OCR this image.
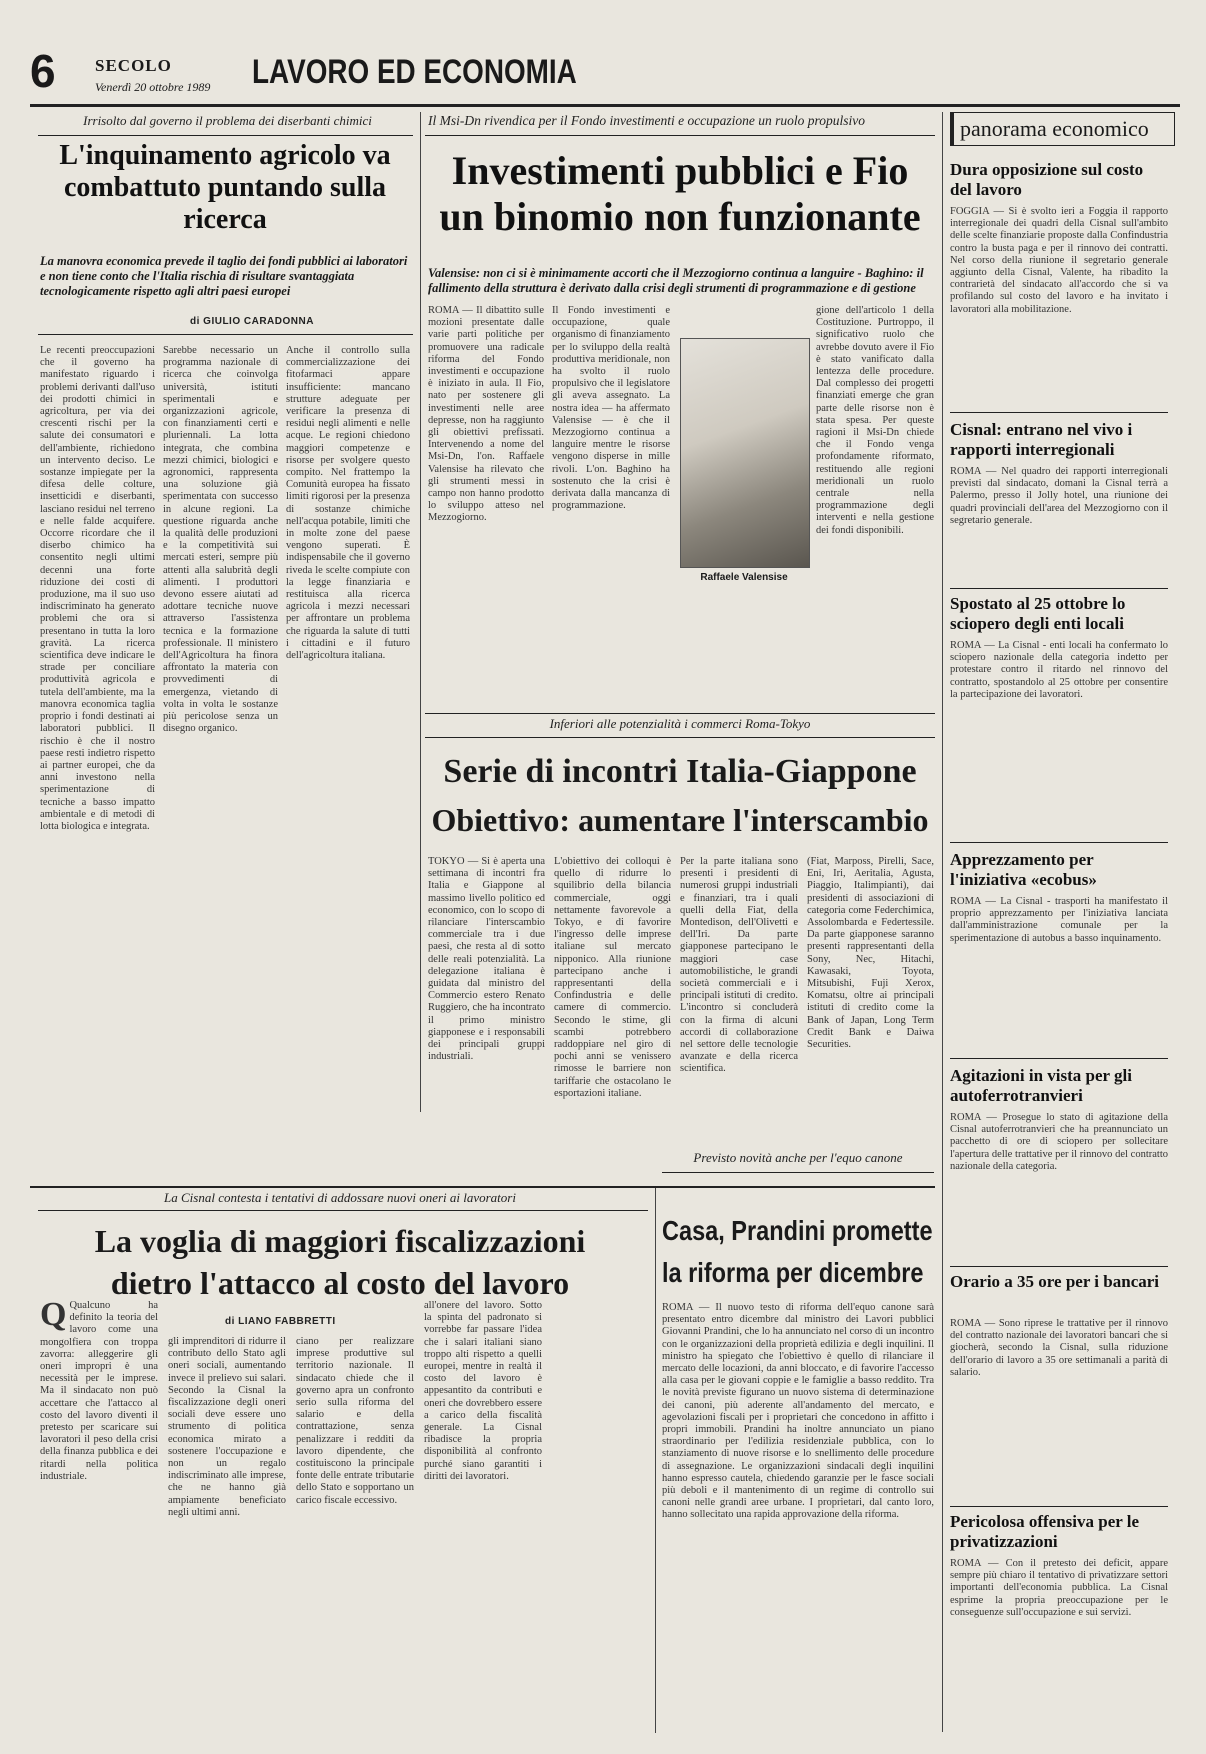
6 SECOLO
Venerdì 20 ottobre 1989 LAVORO ED ECONOMIA
Irrisolto dal governo il problema dei diserbanti chimici
L'inquinamento agricolo va combattuto puntando sulla ricerca
La manovra economica prevede il taglio dei fondi pubblici ai laboratori e non tiene conto che l'Italia rischia di risultare svantaggiata tecnologicamente rispetto agli altri paesi europei
di GIULIO CARADONNA
Le recenti preoccupazioni che il governo ha manifestato riguardo i problemi derivanti dall'uso dei prodotti chimici in agricoltura, per via dei crescenti rischi per la salute dei consumatori e dell'ambiente, richiedono un intervento deciso. Le sostanze impiegate per la difesa delle colture, insetticidi e diserbanti, lasciano residui nel terreno e nelle falde acquifere. Occorre ricordare che il diserbo chimico ha consentito negli ultimi decenni una forte riduzione dei costi di produzione, ma il suo uso indiscriminato ha generato problemi che ora si presentano in tutta la loro gravità. La ricerca scientifica deve indicare le strade per conciliare produttività agricola e tutela dell'ambiente, ma la manovra economica taglia proprio i fondi destinati ai laboratori pubblici. Il rischio è che il nostro paese resti indietro rispetto ai partner europei, che da anni investono nella sperimentazione di tecniche a basso impatto ambientale e di metodi di lotta biologica e integrata.
Sarebbe necessario un programma nazionale di ricerca che coinvolga università, istituti sperimentali e organizzazioni agricole, con finanziamenti certi e pluriennali. La lotta integrata, che combina mezzi chimici, biologici e agronomici, rappresenta una soluzione già sperimentata con successo in alcune regioni. La questione riguarda anche la qualità delle produzioni e la competitività sui mercati esteri, sempre più attenti alla salubrità degli alimenti. I produttori devono essere aiutati ad adottare tecniche nuove attraverso l'assistenza tecnica e la formazione professionale. Il ministero dell'Agricoltura ha finora affrontato la materia con provvedimenti di emergenza, vietando di volta in volta le sostanze più pericolose senza un disegno organico.
Anche il controllo sulla commercializzazione dei fitofarmaci appare insufficiente: mancano strutture adeguate per verificare la presenza di residui negli alimenti e nelle acque. Le regioni chiedono maggiori competenze e risorse per svolgere questo compito. Nel frattempo la Comunità europea ha fissato limiti rigorosi per la presenza di sostanze chimiche nell'acqua potabile, limiti che in molte zone del paese vengono superati. È indispensabile che il governo riveda le scelte compiute con la legge finanziaria e restituisca alla ricerca agricola i mezzi necessari per affrontare un problema che riguarda la salute di tutti i cittadini e il futuro dell'agricoltura italiana.
Il Msi-Dn rivendica per il Fondo investimenti e occupazione un ruolo propulsivo
Investimenti pubblici e Fio un binomio non funzionante
Valensise: non ci si è minimamente accorti che il Mezzogiorno continua a languire - Baghino: il fallimento della struttura è derivato dalla crisi degli strumenti di programmazione e di gestione
ROMA — Il dibattito sulle mozioni presentate dalle varie parti politiche per promuovere una radicale riforma del Fondo investimenti e occupazione è iniziato in aula. Il Fio, nato per sostenere gli investimenti nelle aree depresse, non ha raggiunto gli obiettivi prefissati. Intervenendo a nome del Msi-Dn, l'on. Raffaele Valensise ha rilevato che gli strumenti messi in campo non hanno prodotto lo sviluppo atteso nel Mezzogiorno.
Il Fondo investimenti e occupazione, quale organismo di finanziamento per lo sviluppo della realtà produttiva meridionale, non ha svolto il ruolo propulsivo che il legislatore gli aveva assegnato. La nostra idea — ha affermato Valensise — è che il Mezzogiorno continua a languire mentre le risorse vengono disperse in mille rivoli. L'on. Baghino ha sostenuto che la crisi è derivata dalla mancanza di programmazione.
Raffaele Valensise
gione dell'articolo 1 della Costituzione. Purtroppo, il significativo ruolo che avrebbe dovuto avere il Fio è stato vanificato dalla lentezza delle procedure. Dal complesso dei progetti finanziati emerge che gran parte delle risorse non è stata spesa. Per queste ragioni il Msi-Dn chiede che il Fondo venga profondamente riformato, restituendo alle regioni meridionali un ruolo centrale nella programmazione degli interventi e nella gestione dei fondi disponibili.
Inferiori alle potenzialità i commerci Roma-Tokyo
Serie di incontri Italia-Giappone
Obiettivo: aumentare l'interscambio
TOKYO — Si è aperta una settimana di incontri fra Italia e Giappone al massimo livello politico ed economico, con lo scopo di rilanciare l'interscambio commerciale tra i due paesi, che resta al di sotto delle reali potenzialità. La delegazione italiana è guidata dal ministro del Commercio estero Renato Ruggiero, che ha incontrato il primo ministro giapponese e i responsabili dei principali gruppi industriali.
L'obiettivo dei colloqui è quello di ridurre lo squilibrio della bilancia commerciale, oggi nettamente favorevole a Tokyo, e di favorire l'ingresso delle imprese italiane sul mercato nipponico. Alla riunione partecipano anche i rappresentanti della Confindustria e delle camere di commercio. Secondo le stime, gli scambi potrebbero raddoppiare nel giro di pochi anni se venissero rimosse le barriere non tariffarie che ostacolano le esportazioni italiane.
Per la parte italiana sono presenti i presidenti di numerosi gruppi industriali e finanziari, tra i quali quelli della Fiat, della Montedison, dell'Olivetti e dell'Iri. Da parte giapponese partecipano le maggiori case automobilistiche, le grandi società commerciali e i principali istituti di credito. L'incontro si concluderà con la firma di alcuni accordi di collaborazione nel settore delle tecnologie avanzate e della ricerca scientifica.
(Fiat, Marposs, Pirelli, Sace, Eni, Iri, Aeritalia, Agusta, Piaggio, Italimpianti), dai presidenti di associazioni di categoria come Federchimica, Assolombarda e Federtessile. Da parte giapponese saranno presenti rappresentanti della Sony, Nec, Hitachi, Kawasaki, Toyota, Mitsubishi, Fuji Xerox, Komatsu, oltre ai principali istituti di credito come la Bank of Japan, Long Term Credit Bank e Daiwa Securities.
La Cisnal contesta i tentativi di addossare nuovi oneri ai lavoratori
La voglia di maggiori fiscalizzazioni
dietro l'attacco al costo del lavoro
di LIANO FABBRETTI
Q Qualcuno ha definito la teoria del lavoro come una mongolfiera con troppa zavorra: alleggerire gli oneri impropri è una necessità per le imprese. Ma il sindacato non può accettare che l'attacco al costo del lavoro diventi il pretesto per scaricare sui lavoratori il peso della crisi della finanza pubblica e dei ritardi nella politica industriale.
gli imprenditori di ridurre il contributo dello Stato agli oneri sociali, aumentando invece il prelievo sui salari. Secondo la Cisnal la fiscalizzazione degli oneri sociali deve essere uno strumento di politica economica mirato a sostenere l'occupazione e non un regalo indiscriminato alle imprese, che ne hanno già ampiamente beneficiato negli ultimi anni.
ciano per realizzare imprese produttive sul territorio nazionale. Il sindacato chiede che il governo apra un confronto serio sulla riforma del salario e della contrattazione, senza penalizzare i redditi da lavoro dipendente, che costituiscono la principale fonte delle entrate tributarie dello Stato e sopportano un carico fiscale eccessivo.
all'onere del lavoro. Sotto la spinta del padronato si vorrebbe far passare l'idea che i salari italiani siano troppo alti rispetto a quelli europei, mentre in realtà il costo del lavoro è appesantito da contributi e oneri che dovrebbero essere a carico della fiscalità generale. La Cisnal ribadisce la propria disponibilità al confronto purché siano garantiti i diritti dei lavoratori.
Previsto novità anche per l'equo canone
Casa, Prandini promette
la riforma per dicembre
ROMA — Il nuovo testo di riforma dell'equo canone sarà presentato entro dicembre dal ministro dei Lavori pubblici Giovanni Prandini, che lo ha annunciato nel corso di un incontro con le organizzazioni della proprietà edilizia e degli inquilini. Il ministro ha spiegato che l'obiettivo è quello di rilanciare il mercato delle locazioni, da anni bloccato, e di favorire l'accesso alla casa per le giovani coppie e le famiglie a basso reddito. Tra le novità previste figurano un nuovo sistema di determinazione dei canoni, più aderente all'andamento del mercato, e agevolazioni fiscali per i proprietari che concedono in affitto i propri immobili. Prandini ha inoltre annunciato un piano straordinario per l'edilizia residenziale pubblica, con lo stanziamento di nuove risorse e lo snellimento delle procedure di assegnazione. Le organizzazioni sindacali degli inquilini hanno espresso cautela, chiedendo garanzie per le fasce sociali più deboli e il mantenimento di un regime di controllo sui canoni nelle grandi aree urbane. I proprietari, dal canto loro, hanno sollecitato una rapida approvazione della riforma.
panorama economico
Dura opposizione sul costo del lavoro
FOGGIA — Si è svolto ieri a Foggia il rapporto interregionale dei quadri della Cisnal sull'ambito delle scelte finanziarie proposte dalla Confindustria contro la busta paga e per il rinnovo dei contratti. Nel corso della riunione il segretario generale aggiunto della Cisnal, Valente, ha ribadito la contrarietà del sindacato all'accordo che si va profilando sul costo del lavoro e ha invitato i lavoratori alla mobilitazione.
Cisnal: entrano nel vivo i rapporti interregionali
ROMA — Nel quadro dei rapporti interregionali previsti dal sindacato, domani la Cisnal terrà a Palermo, presso il Jolly hotel, una riunione dei quadri provinciali dell'area del Mezzogiorno con il segretario generale.
Spostato al 25 ottobre lo sciopero degli enti locali
ROMA — La Cisnal - enti locali ha confermato lo sciopero nazionale della categoria indetto per protestare contro il ritardo nel rinnovo del contratto, spostandolo al 25 ottobre per consentire la partecipazione dei lavoratori.
Apprezzamento per l'iniziativa «ecobus»
ROMA — La Cisnal - trasporti ha manifestato il proprio apprezzamento per l'iniziativa lanciata dall'amministrazione comunale per la sperimentazione di autobus a basso inquinamento.
Agitazioni in vista per gli autoferrotranvieri
ROMA — Prosegue lo stato di agitazione della Cisnal autoferrotranvieri che ha preannunciato un pacchetto di ore di sciopero per sollecitare l'apertura delle trattative per il rinnovo del contratto nazionale della categoria.
Orario a 35 ore per i bancari
ROMA — Sono riprese le trattative per il rinnovo del contratto nazionale dei lavoratori bancari che si giocherà, secondo la Cisnal, sulla riduzione dell'orario di lavoro a 35 ore settimanali a parità di salario.
Pericolosa offensiva per le privatizzazioni
ROMA — Con il pretesto dei deficit, appare sempre più chiaro il tentativo di privatizzare settori importanti dell'economia pubblica. La Cisnal esprime la propria preoccupazione per le conseguenze sull'occupazione e sui servizi.
